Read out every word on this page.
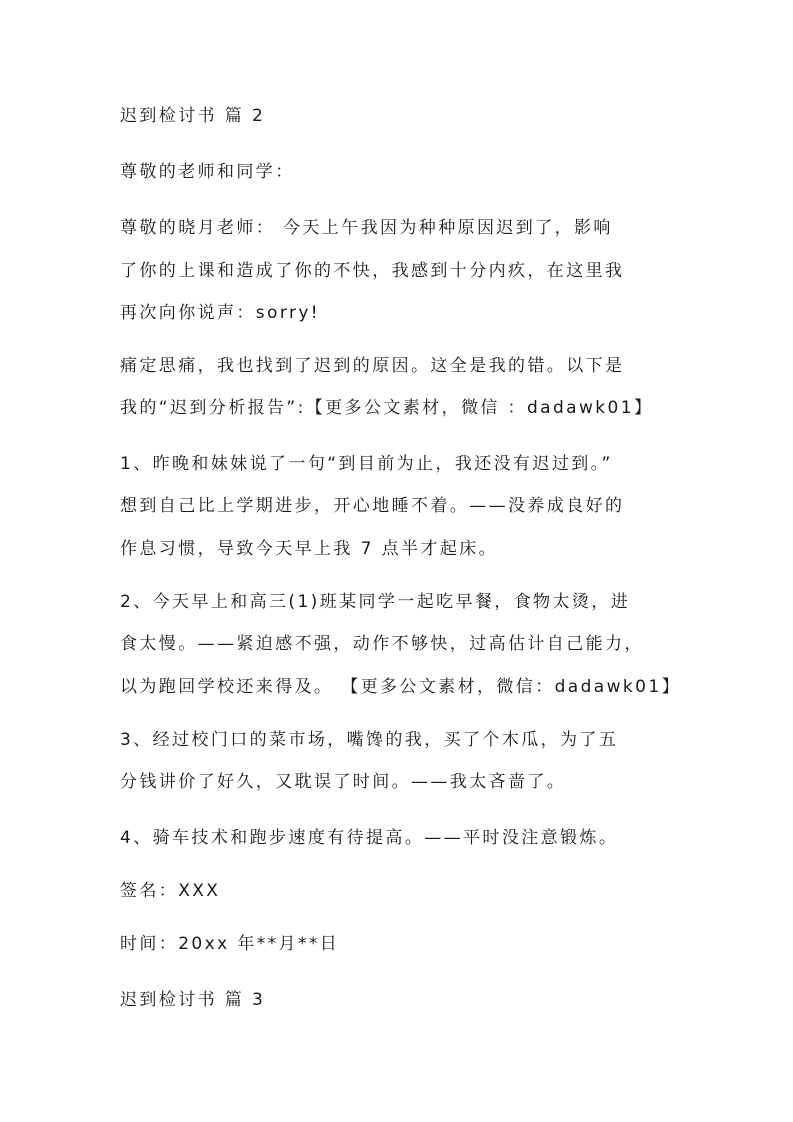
迟到检讨书 篇 2
尊敬的老师和同学：
尊敬的晓月老师： 今天上午我因为种种原因迟到了，影响
了你的上课和造成了你的不快，我感到十分内疚，在这里我
再次向你说声：sorry!
痛定思痛，我也找到了迟到的原因。这全是我的错。以下是
我的“迟到分析报告”:【更多公文素材，微信 ：dadawk01】
1、昨晚和妹妹说了一句“到目前为止，我还没有迟过到。”
想到自己比上学期进步，开心地睡不着。——没养成良好的
作息习惯，导致今天早上我 7 点半才起床。
2、今天早上和高三(1)班某同学一起吃早餐，食物太烫，进
食太慢。——紧迫感不强，动作不够快，过高估计自己能力，
以为跑回学校还来得及。 【更多公文素材，微信：dadawk01】
3、经过校门口的菜市场，嘴馋的我，买了个木瓜，为了五
分钱讲价了好久，又耽误了时间。——我太吝啬了。
4、骑车技术和跑步速度有待提高。——平时没注意锻炼。
签名：XXX
时间：20xx 年**月**日
迟到检讨书 篇 3
